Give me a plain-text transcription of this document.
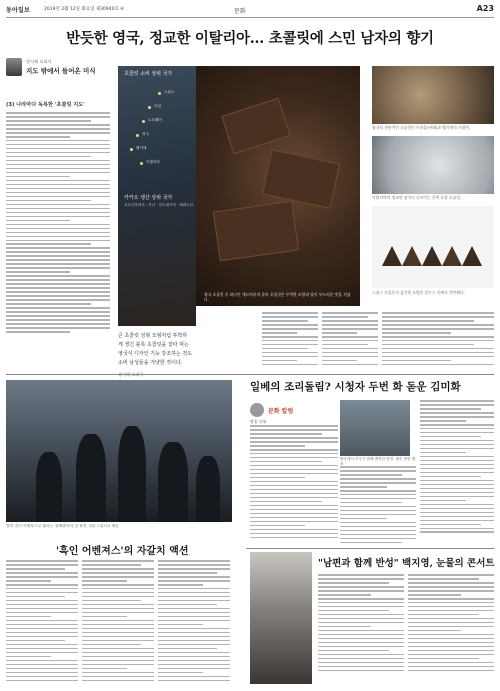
동아일보	2019년 2월 12일 화요일 제30940호 ⑥	문화	A23
반듯한 영국, 정교한 이탈리아… 초콜릿에 스민 남자의 향기
강이레 요리사
지도 밖에서 들어온 미식
(3) 나라마다 독특한 '초콜릿 지도'
초콜릿 소비 상위 국가
스위스
독일
노르웨이
영국
벨기에
이탈리아
카카오 생산 상위 국가
코트디부아르 · 가나 · 인도네시아 · 에콰도르
영국 초콜릿 중 하나인 캐드버리의 블록 초콜릿은 투박한 모양과 달리 부드러운 맛을 지녔다.

큰 초콜릿 성형 모형처럼 투박하

게 생긴 블록 초콜릿을 잘라 먹는

영국식 디자인 기능 강조하는 것도

소비 남성들을 겨냥한 것이다.

영국의 전통적인 초콜릿인 트러플(아래)과 벨기에의 프랄린.
이탈리아의 정교한 장식이 돋보이는 은색 포장 초콜릿.
스위스 토블론의 삼각형 모양은 알프스 산에서 착안했다.
영화 '흑인 어벤져스'로 불리는 '블랙팬서'의 한 장면. 마블 스튜디오 제공
'흑인 어벤져스'의 자갈치 액션
일베의 조리돌림? 시청자 두번 화 돋운 김미화
문화 칼럼
방송 리뷰
방송에서 부부가 함께 출연한 장면. 방송 화면 캡처
"남편과 함께 반성" 백지영, 눈물의 콘서트
